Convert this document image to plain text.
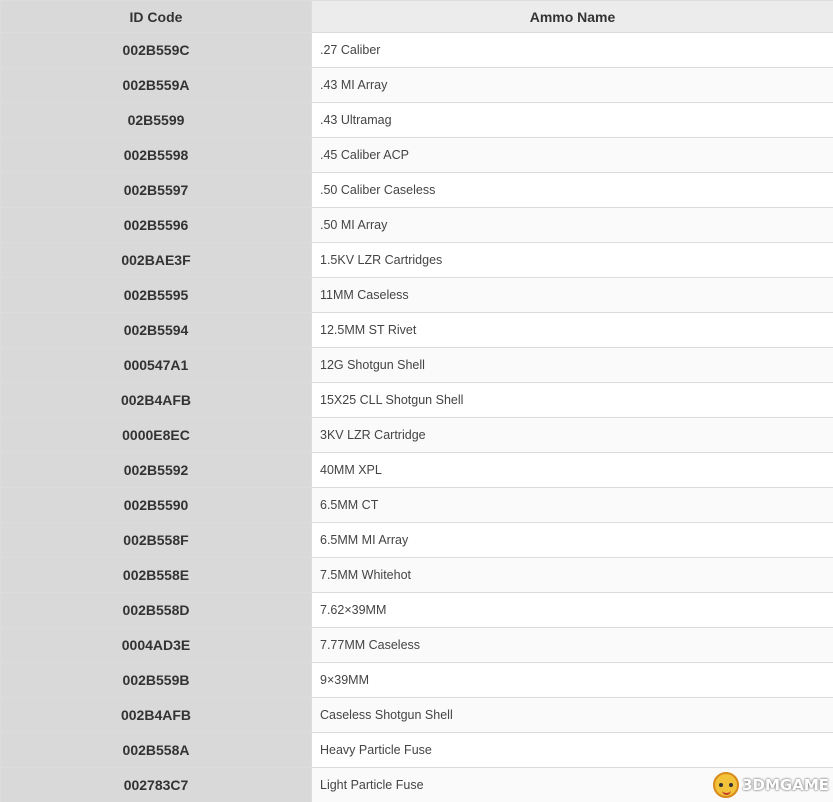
ID Code	Ammo Name
002B559C	.27 Caliber
002B559A	.43 MI Array
02B5599	.43 Ultramag
002B5598	.45 Caliber ACP
002B5597	.50 Caliber Caseless
002B5596	.50 MI Array
002BAE3F	1.5KV LZR Cartridges
002B5595	11MM Caseless
002B5594	12.5MM ST Rivet
000547A1	12G Shotgun Shell
002B4AFB	15X25 CLL Shotgun Shell
0000E8EC	3KV LZR Cartridge
002B5592	40MM XPL
002B5590	6.5MM CT
002B558F	6.5MM MI Array
002B558E	7.5MM Whitehot
002B558D	7.62×39MM
0004AD3E	7.77MM Caseless
002B559B	9×39MM
002B4AFB	Caseless Shotgun Shell
002B558A	Heavy Particle Fuse
002783C7	Light Particle Fuse	3DMGAME
